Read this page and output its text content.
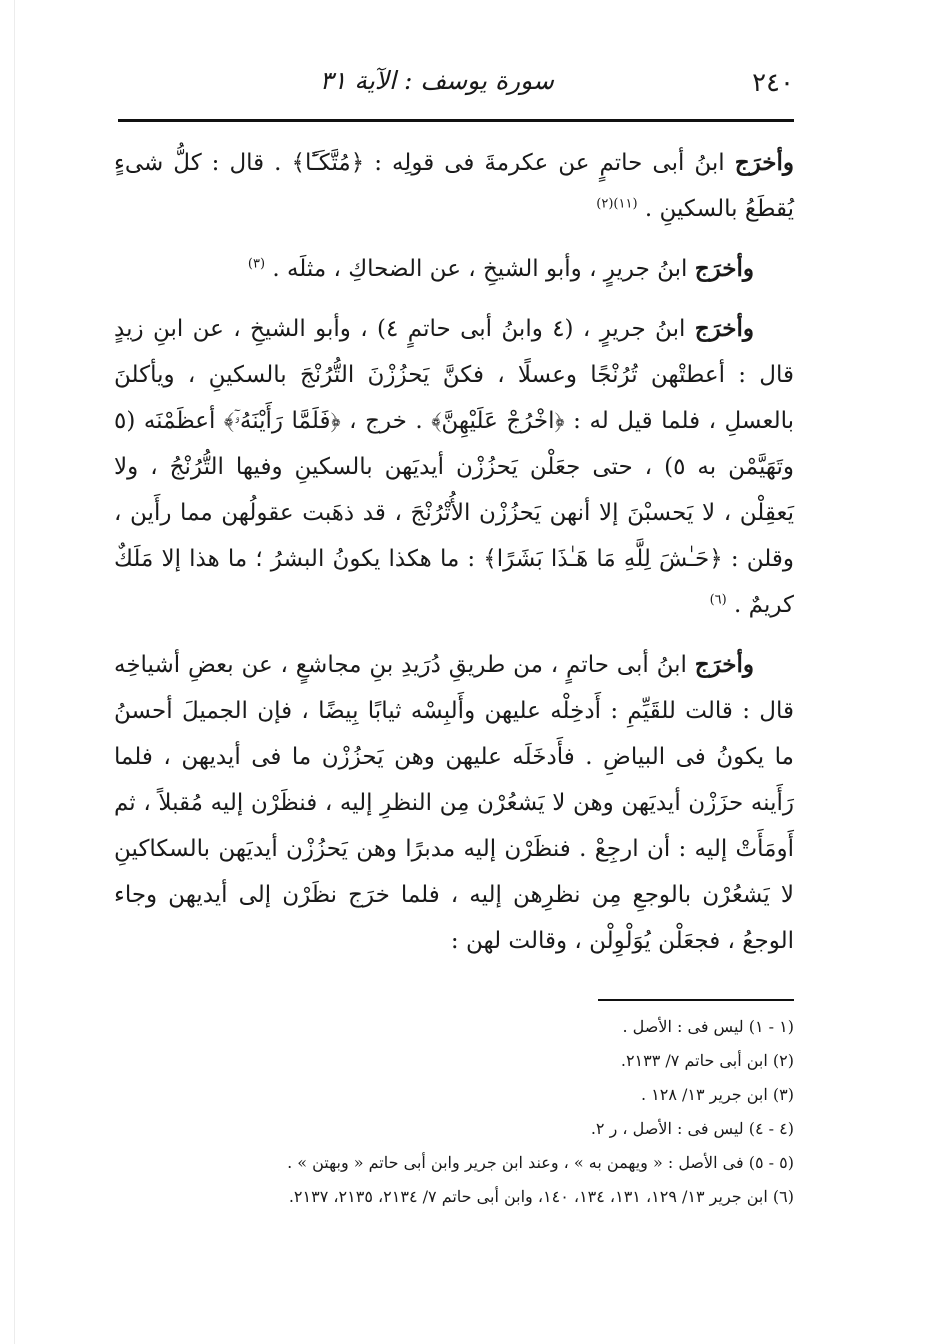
٢٤٠
سورة يوسف : الآية ٣١

وأخرَج ابنُ أبى حاتمٍ عن عكرمةَ فى قولِه : ﴿مُتَّكَـًٔا﴾ . قال : كلُّ شىءٍ يُقطَعُ بالسكينِ . $^{(١١)(٢)}$

وأخرَج ابنُ جريرٍ ، وأبو الشيخِ ، عن الضحاكِ ، مثلَه . $^{(٣)}$

وأخرَج ابنُ جريرٍ ، (٤ وابنُ أبى حاتمٍ ٤) ، وأبو الشيخِ ، عن ابنِ زيدٍ قال : أعطتْهن تُرُنْجًا وعسلًا ، فكنَّ يَحزُزْنَ التُّرُنْجَ بالسكينِ ، ويأكلنَ بالعسلِ ، فلما قيل له : ﴿اخْرُجْ عَلَيْهِنَّ﴾ . خرج ، ﴿فَلَمَّا رَأَيْنَهُۥٓ﴾ أعظَمْنَه (٥ وتَهَيَّمْن به ٥) ، حتى جعَلْن يَحزُزْن أيديَهن بالسكينِ وفيها التُّرُنْجُ ، ولا يَعقِلْن ، لا يَحسبْنَ إلا أنهن يَحزُزْن الأُتْرُنْجَ ، قد ذهَبت عقولُهن مما رأَين ، وقلن : ﴿حَـٰشَ لِلَّهِ مَا هَـٰذَا بَشَرًا﴾ : ما هكذا يكونُ البشرُ ؛ ما هذا إلا مَلَكٌ كريمٌ . $^{(٦)}$

وأخرَج ابنُ أبى حاتمٍ ، من طريقِ دُرَيدِ بنِ مجاشعٍ ، عن بعضِ أشياخِه قال : قالت للقَيِّمِ : أَدخِلْه عليهن وأَلبِسْه ثيابًا بِيضًا ، فإن الجميلَ أحسنُ ما يكونُ فى البياضِ . فأَدخَلَه عليهن وهن يَحزُزْن ما فى أيديهن ، فلما رَأَينه حزَزْن أيديَهن وهن لا يَشعُرْن مِن النظرِ إليه ، فنظَرْن إليه مُقبلاً ، ثم أَومَأَتْ إليه : أن ارجِعْ . فنظَرْن إليه مدبرًا وهن يَحزُزْن أيديَهن بالسكاكينِ لا يَشعُرْن بالوجعِ مِن نظرِهن إليه ، فلما خرَج نظَرْن إلى أيديهن وجاء الوجعُ ، فجعَلْن يُوَلْوِلْن ، وقالت لهن :

(١ - ١) ليس فى : الأصل .

(٢) ابن أبى حاتم ٧/ ٢١٣٣.

(٣) ابن جرير ١٣/ ١٢٨ .

(٤ - ٤) ليس فى : الأصل ، ر ٢.

(٥ - ٥) فى الأصل : « ويهمن به » ، وعند ابن جرير وابن أبى حاتم « وبهتن » .

(٦) ابن جرير ١٣/ ١٢٩، ١٣١، ١٣٤، ١٤٠، وابن أبى حاتم ٧/ ٢١٣٤، ٢١٣٥، ٢١٣٧.
